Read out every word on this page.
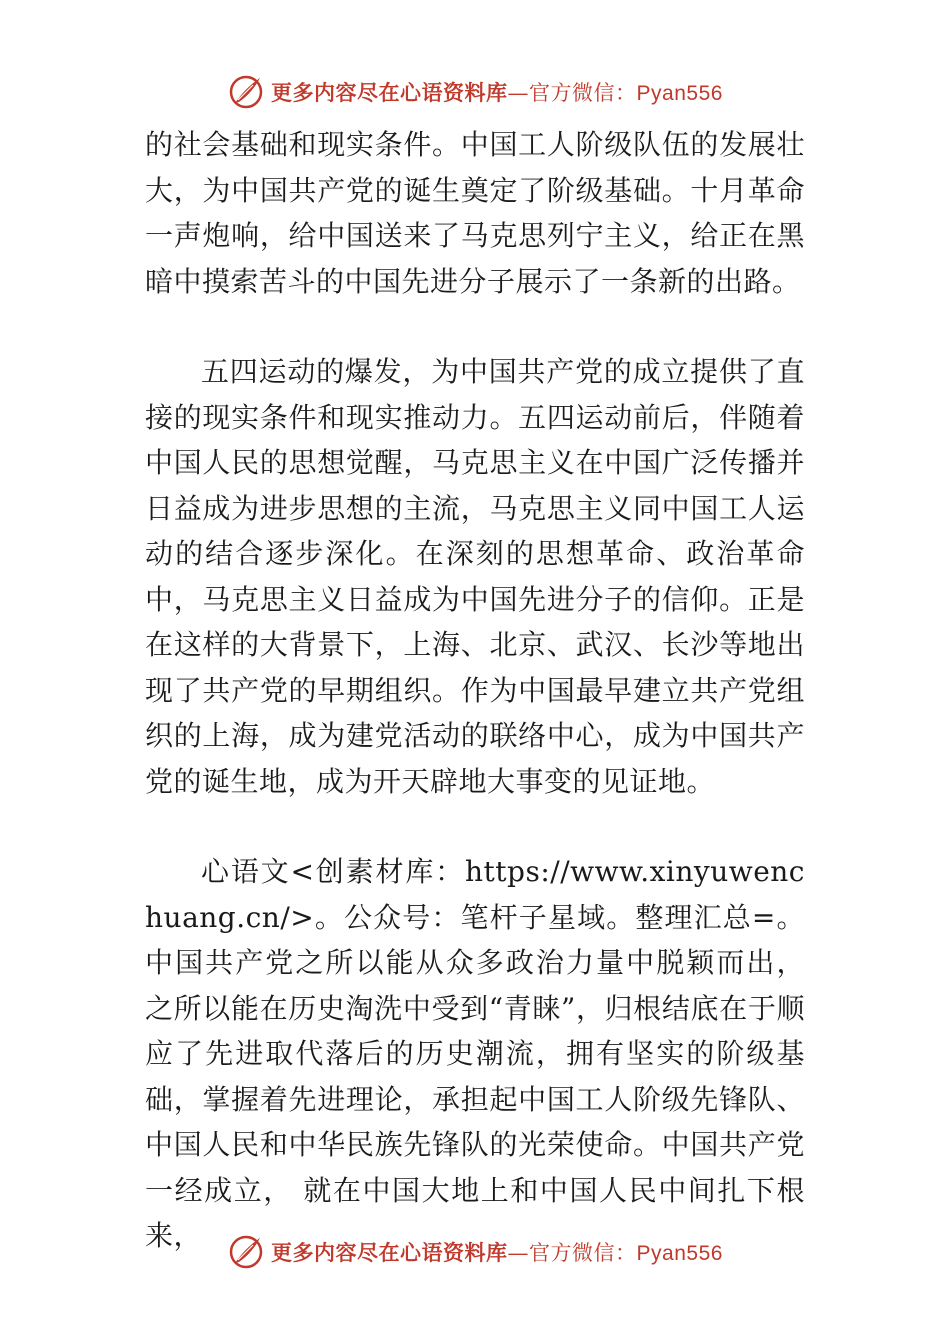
更多内容尽在心语资料库—官方微信：Pyan556

的社会基础和现实条件。中国工人阶级队伍的发展壮大，为中国共产党的诞生奠定了阶级基础。十月革命一声炮响，给中国送来了马克思列宁主义，给正在黑暗中摸索苦斗的中国先进分子展示了一条新的出路。

五四运动的爆发，为中国共产党的成立提供了直接的现实条件和现实推动力。五四运动前后，伴随着中国人民的思想觉醒，马克思主义在中国广泛传播并日益成为进步思想的主流，马克思主义同中国工人运动的结合逐步深化。在深刻的思想革命、政治革命中，马克思主义日益成为中国先进分子的信仰。正是在这样的大背景下，上海、北京、武汉、长沙等地出现了共产党的早期组织。作为中国最早建立共产党组织的上海，成为建党活动的联络中心，成为中国共产党的诞生地，成为开天辟地大事变的见证地。

心语文<创素材库：https://www.xinyuwenchuang.cn/>。公众号：笔杆子星域。整理汇总=。中国共产党之所以能从众多政治力量中脱颖而出， 之所以能在历史淘洗中受到“青睐”，归根结底在于顺应了先进取代落后的历史潮流，拥有坚实的阶级基础，掌握着先进理论，承担起中国工人阶级先锋队、中国人民和中华民族先锋队的光荣使命。中国共产党一经成立， 就在中国大地上和中国人民中间扎下根来，

更多内容尽在心语资料库—官方微信：Pyan556
